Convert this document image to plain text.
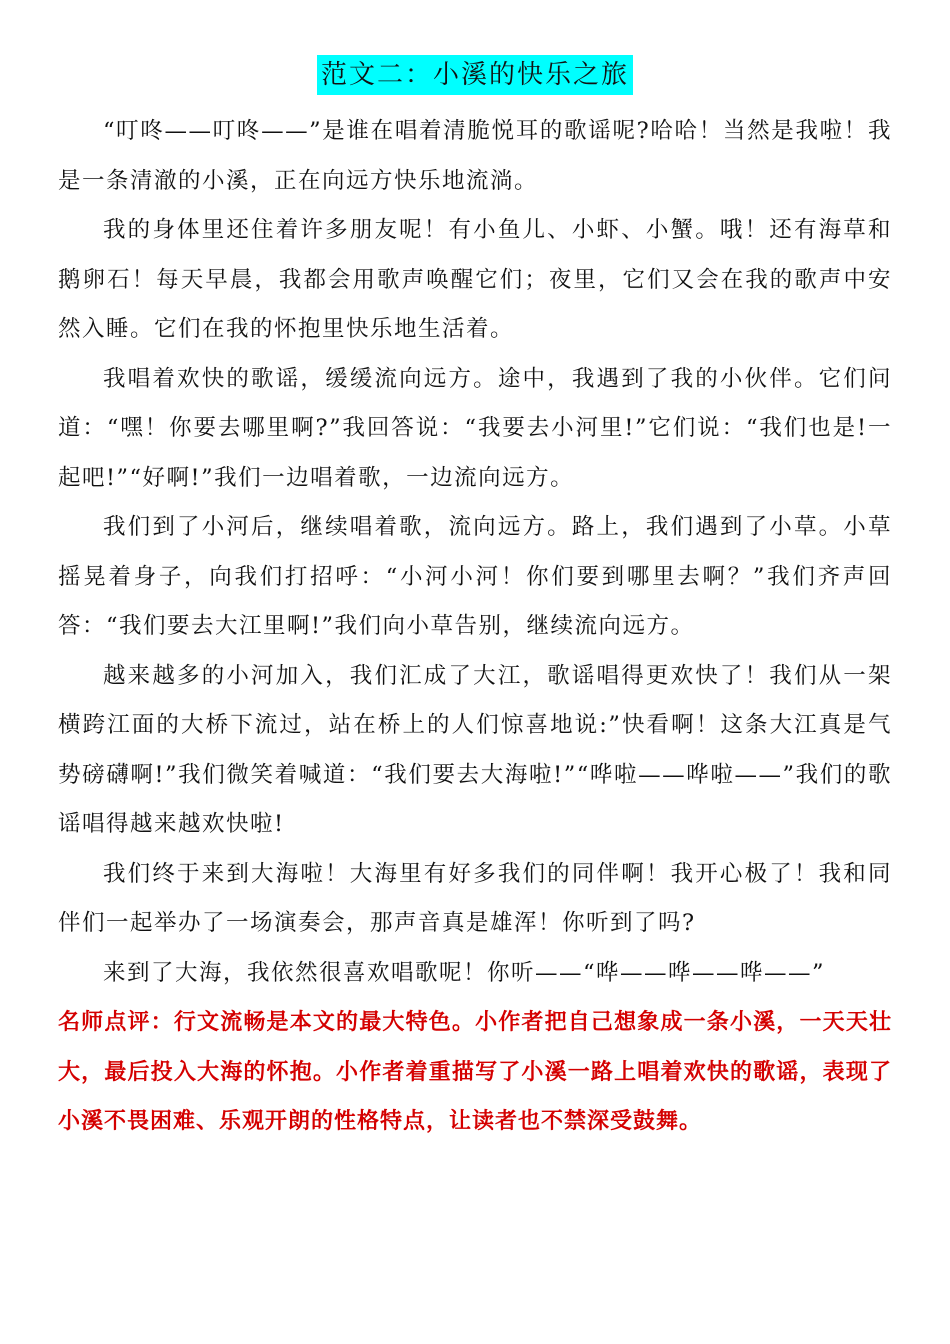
范文二：小溪的快乐之旅

“叮咚——叮咚——”是谁在唱着清脆悦耳的歌谣呢?哈哈！当然是我啦！我是一条清澈的小溪，正在向远方快乐地流淌。

我的身体里还住着许多朋友呢！有小鱼儿、小虾、小蟹。哦！还有海草和鹅卵石！每天早晨，我都会用歌声唤醒它们；夜里，它们又会在我的歌声中安然入睡。它们在我的怀抱里快乐地生活着。

我唱着欢快的歌谣，缓缓流向远方。途中，我遇到了我的小伙伴。它们问道：“嘿！你要去哪里啊?”我回答说：“我要去小河里!”它们说：“我们也是!一起吧!”“好啊!”我们一边唱着歌，一边流向远方。

我们到了小河后，继续唱着歌，流向远方。路上，我们遇到了小草。小草摇晃着身子，向我们打招呼：“小河小河！你们要到哪里去啊？”我们齐声回答：“我们要去大江里啊!”我们向小草告别，继续流向远方。

越来越多的小河加入，我们汇成了大江，歌谣唱得更欢快了！我们从一架横跨江面的大桥下流过，站在桥上的人们惊喜地说:”快看啊！这条大江真是气势磅礴啊!”我们微笑着喊道：“我们要去大海啦!”“哗啦——哗啦——”我们的歌谣唱得越来越欢快啦!

我们终于来到大海啦！大海里有好多我们的同伴啊！我开心极了！我和同伴们一起举办了一场演奏会，那声音真是雄浑！你听到了吗?

来到了大海，我依然很喜欢唱歌呢！你听——“哗——哗——哗——”

名师点评：行文流畅是本文的最大特色。小作者把自己想象成一条小溪，一天天壮大，最后投入大海的怀抱。小作者着重描写了小溪一路上唱着欢快的歌谣，表现了小溪不畏困难、乐观开朗的性格特点，让读者也不禁深受鼓舞。
